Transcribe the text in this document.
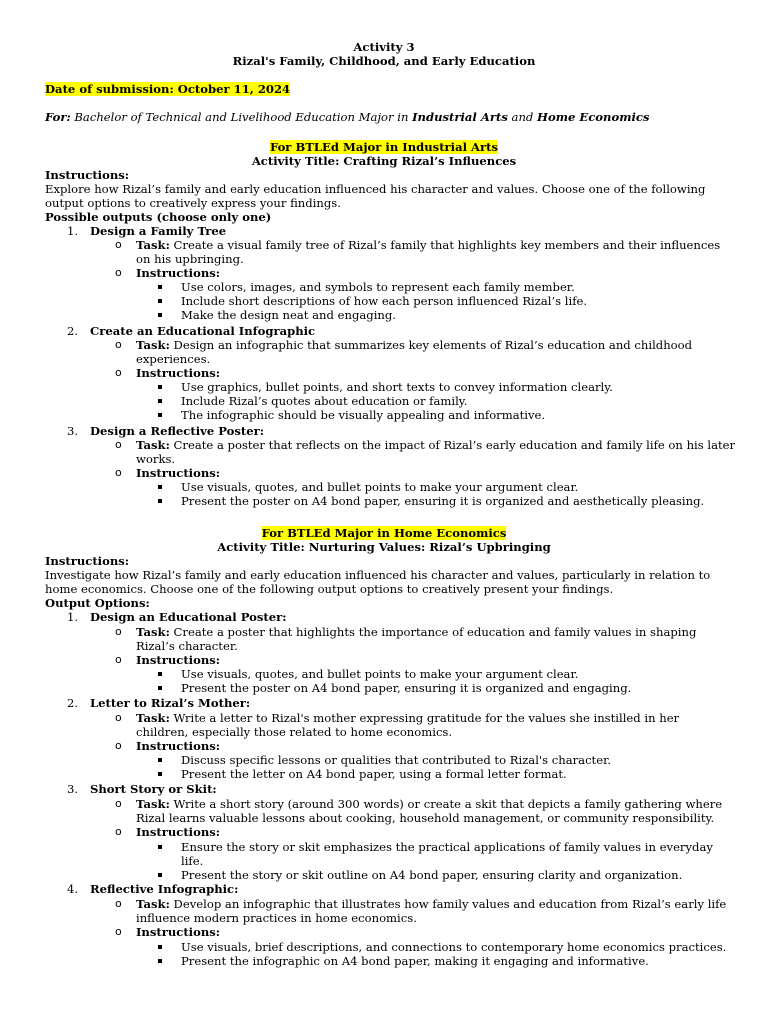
Activity 3
Rizal's Family, Childhood, and Early Education
Date of submission: October 11, 2024
For: Bachelor of Technical and Livelihood Education Major in Industrial Arts and Home Economics
For BTLEd Major in Industrial Arts
Activity Title: Crafting Rizal’s Influences
Instructions:
Explore how Rizal’s family and early education influenced his character and values. Choose one of the following
output options to creatively express your findings.
Possible outputs (choose only one)
1. Design a Family Tree
o Task: Create a visual family tree of Rizal’s family that highlights key members and their influences
on his upbringing.
o Instructions:
Use colors, images, and symbols to represent each family member.
Include short descriptions of how each person influenced Rizal’s life.
Make the design neat and engaging.
2. Create an Educational Infographic
o Task: Design an infographic that summarizes key elements of Rizal’s education and childhood
experiences.
o Instructions:
Use graphics, bullet points, and short texts to convey information clearly.
Include Rizal’s quotes about education or family.
The infographic should be visually appealing and informative.
3. Design a Reflective Poster:
o Task: Create a poster that reflects on the impact of Rizal’s early education and family life on his later
works.
o Instructions:
Use visuals, quotes, and bullet points to make your argument clear.
Present the poster on A4 bond paper, ensuring it is organized and aesthetically pleasing.
For BTLEd Major in Home Economics
Activity Title: Nurturing Values: Rizal’s Upbringing
Instructions:
Investigate how Rizal’s family and early education influenced his character and values, particularly in relation to
home economics. Choose one of the following output options to creatively present your findings.
Output Options:
1. Design an Educational Poster:
o Task: Create a poster that highlights the importance of education and family values in shaping
Rizal’s character.
o Instructions:
Use visuals, quotes, and bullet points to make your argument clear.
Present the poster on A4 bond paper, ensuring it is organized and engaging.
2. Letter to Rizal’s Mother:
o Task: Write a letter to Rizal's mother expressing gratitude for the values she instilled in her
children, especially those related to home economics.
o Instructions:
Discuss specific lessons or qualities that contributed to Rizal's character.
Present the letter on A4 bond paper, using a formal letter format.
3. Short Story or Skit:
o Task: Write a short story (around 300 words) or create a skit that depicts a family gathering where
Rizal learns valuable lessons about cooking, household management, or community responsibility.
o Instructions:
Ensure the story or skit emphasizes the practical applications of family values in everyday
life.
Present the story or skit outline on A4 bond paper, ensuring clarity and organization.
4. Reflective Infographic:
o Task: Develop an infographic that illustrates how family values and education from Rizal’s early life
influence modern practices in home economics.
o Instructions:
Use visuals, brief descriptions, and connections to contemporary home economics practices.
Present the infographic on A4 bond paper, making it engaging and informative.
